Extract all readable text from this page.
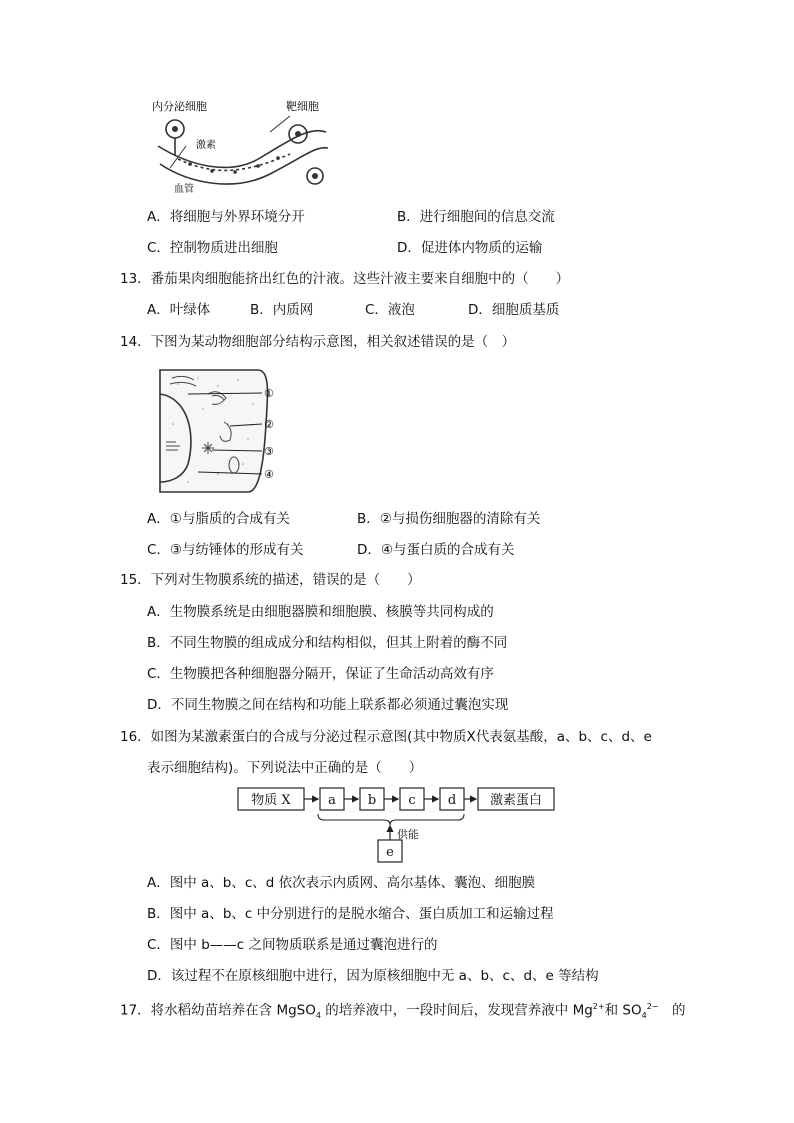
内分泌细胞	靶细胞
激素
血管
A．将细胞与外界环境分开	B．进行细胞间的信息交流
C．控制物质进出细胞	D．促进体内物质的运输
13．番茄果肉细胞能挤出红色的汁液。这些汁液主要来自细胞中的（　　）
A．叶绿体	B．内质网	C．液泡	D．细胞质基质
14．下图为某动物细胞部分结构示意图，相关叙述错误的是（　）
①
②
③
④
A．①与脂质的合成有关	B．②与损伤细胞器的清除有关
C．③与纺锤体的形成有关	D．④与蛋白质的合成有关
15．下列对生物膜系统的描述，错误的是（　　）
A．生物膜系统是由细胞器膜和细胞膜、核膜等共同构成的
B．不同生物膜的组成成分和结构相似，但其上附着的酶不同
C．生物膜把各种细胞器分隔开，保证了生命活动高效有序
D．不同生物膜之间在结构和功能上联系都必须通过囊泡实现
16．如图为某激素蛋白的合成与分泌过程示意图(其中物质X代表氨基酸，a、b、c、d、e
表示细胞结构)。下列说法中正确的是（　　）
物质 X	a b c d	激素蛋白
供能
e
A．图中 a、b、c、d 依次表示内质网、高尔基体、囊泡、细胞膜
B．图中 a、b、c 中分别进行的是脱水缩合、蛋白质加工和运输过程
C．图中 b——c 之间物质联系是通过囊泡进行的
D．该过程不在原核细胞中进行，因为原核细胞中无 a、b、c、d、e 等结构
17．将水稻幼苗培养在含 MgSO$_4$ 的培养液中，一段时间后，发现营养液中 $Mg^{2+}$和 $SO_4^{2-}$　的
